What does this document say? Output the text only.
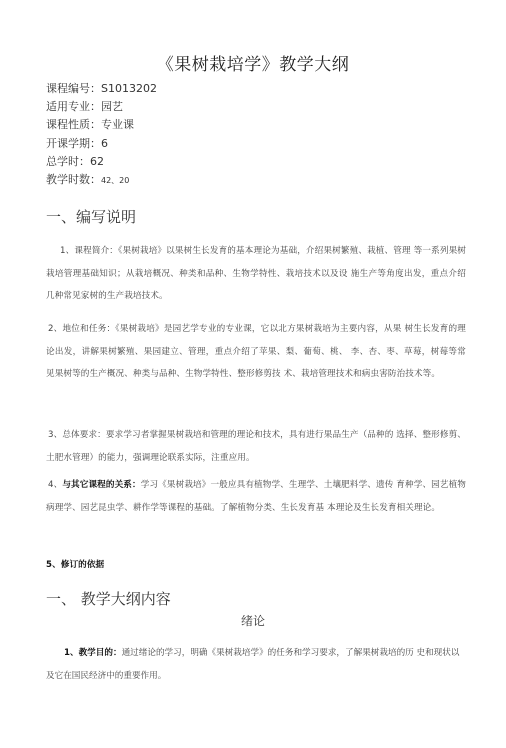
《果树栽培学》教学大纲
课程编号：S1013202
适用专业：园艺
课程性质：专业课
开课学期：6
总学时：62
教学时数：42、20
一、编写说明
1、课程简介：《果树栽培》以果树生长发育的基本理论为基础，介绍果树繁殖、栽植、管理 等一系列果树栽培管理基础知识；从栽培概况、种类和品种、生物学特性、栽培技术以及设 施生产等角度出发，重点介绍几种常见家树的生产栽培技术。
2、地位和任务：《果树栽培》是园艺学专业的专业课，它以北方果树栽培为主要内容，从果 树生长发育的理论出发，讲解果树繁殖、果园建立、管理，重点介绍了苹果、梨、葡萄、桃、 李、杏、枣、草莓，树莓等常见果树等的生产概况、种类与品种、生物学特性、整形修剪技 术、栽培管理技术和病虫害防治技术等。
3、总体要求：要求学习者掌握果树栽培和管理的理论和技术，具有进行果品生产（品种的 选择、整形修剪、土肥水管理）的能力，强调理论联系实际，注重应用。
4、与其它课程的关系：学习《果树栽培》一般应具有植物学、生理学、土壤肥料学、遗传 育种学、园艺植物病理学、园艺昆虫学、耕作学等课程的基础。了解植物分类、生长发育基 本理论及生长发育相关理论。
5、修订的依据
一、 教学大纲内容
绪论
1、教学目的：通过绪论的学习，明确《果树栽培学》的任务和学习要求，了解果树栽培的历 史和现状以及它在国民经济中的重要作用。
